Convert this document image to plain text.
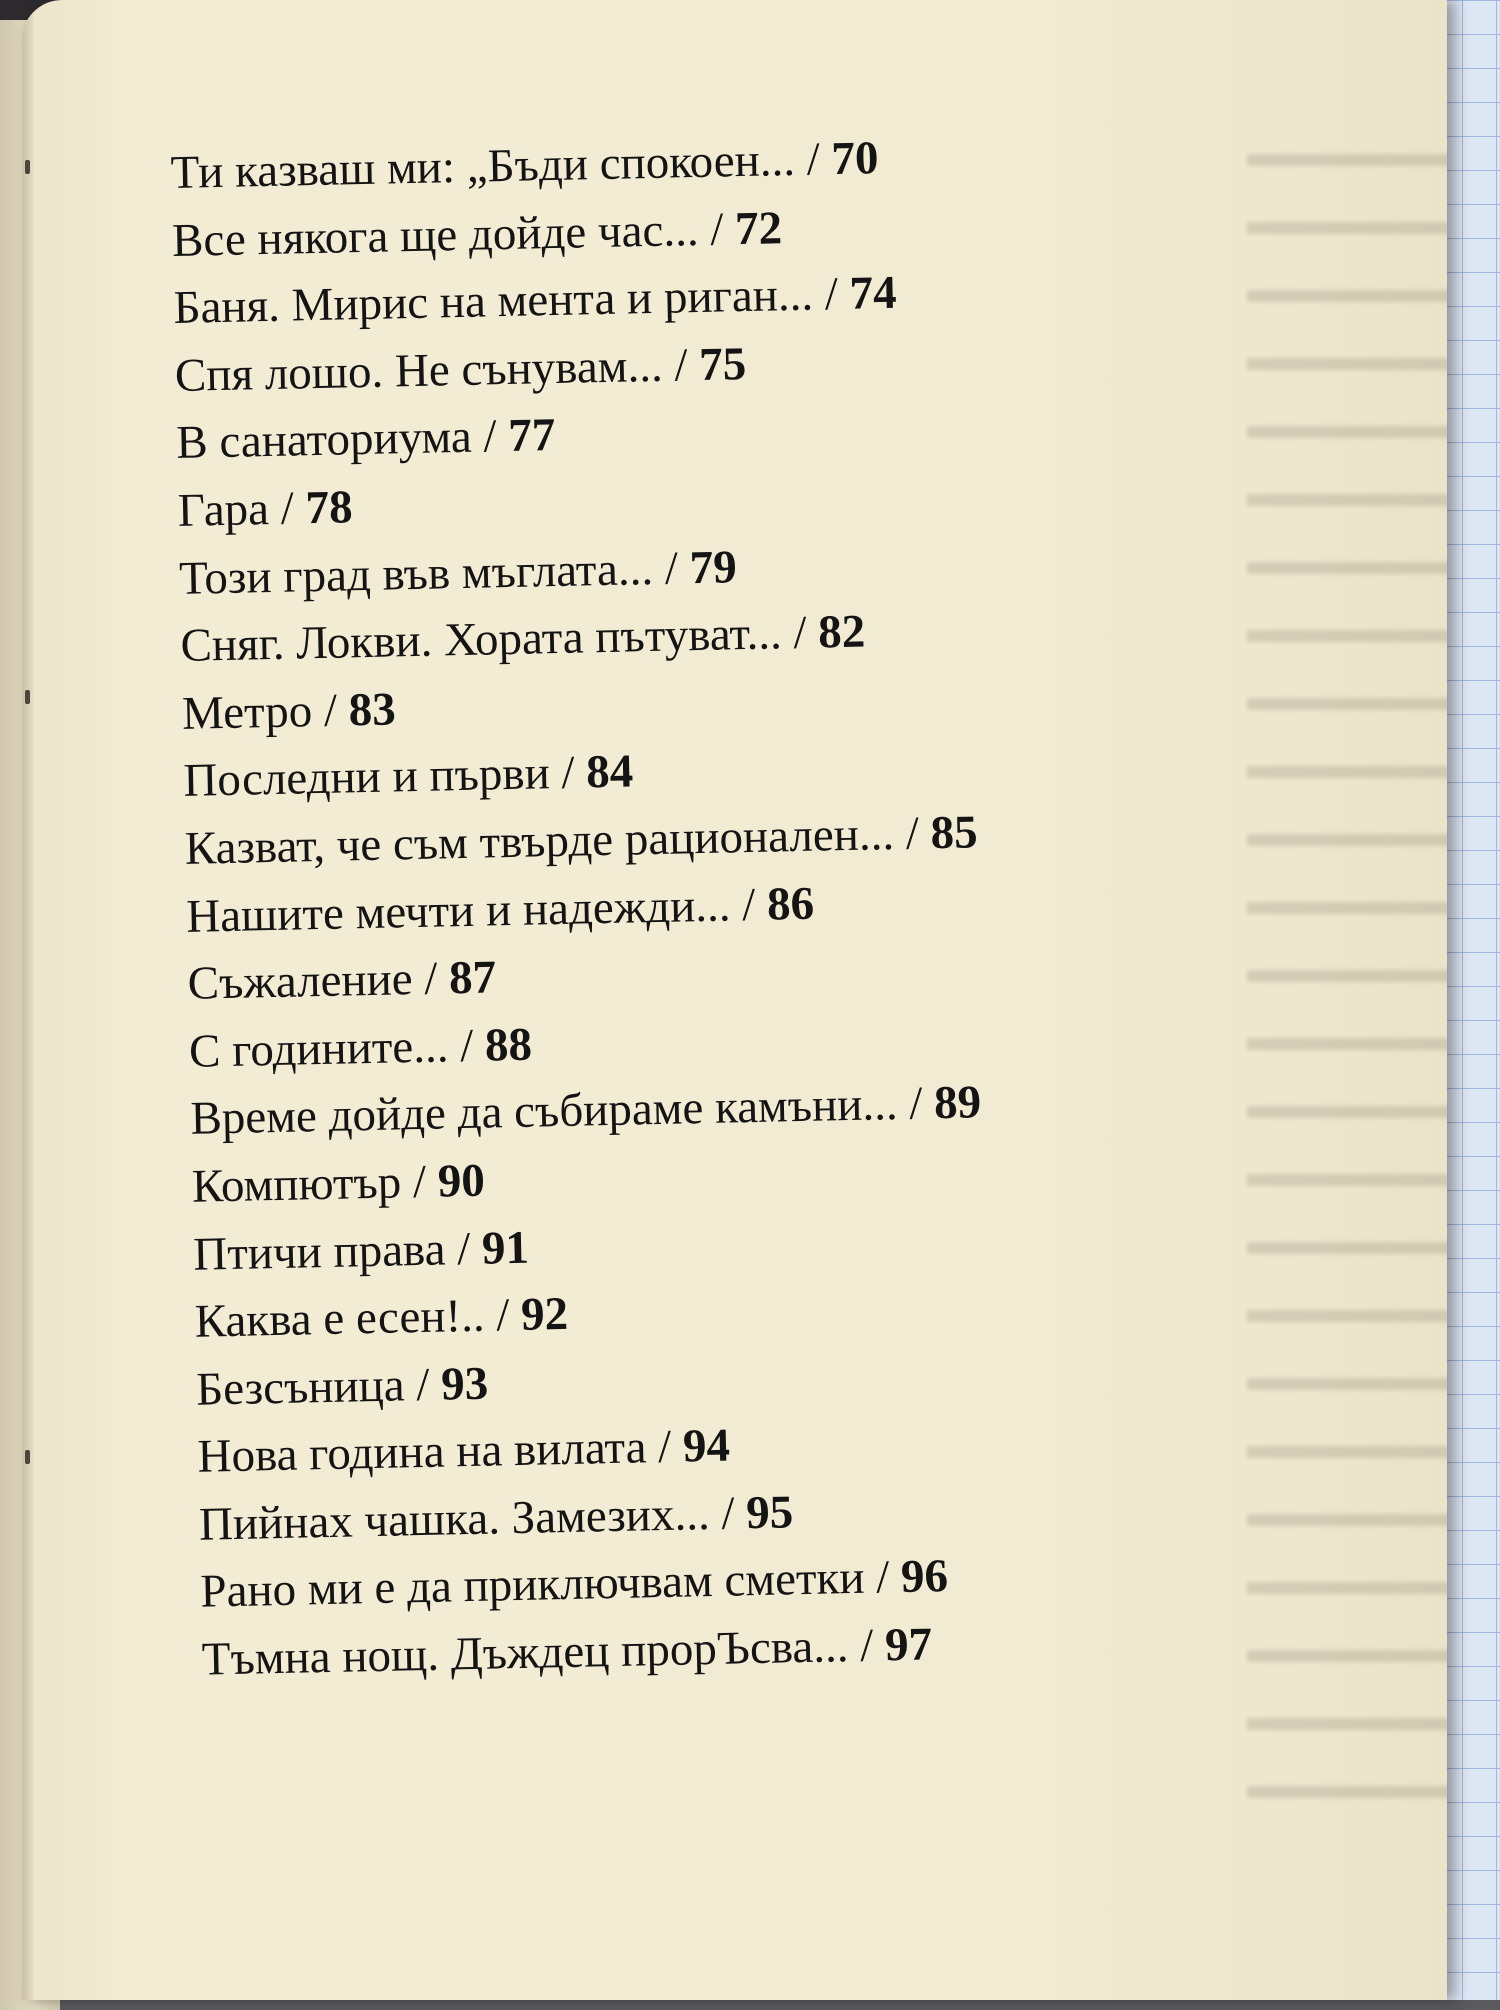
Ти казваш ми: „Бъди спокоен... / 70
Все някога ще дойде час... / 72
Баня. Мирис на мента и риган... / 74
Спя лошо. Не сънувам... / 75
В санаториума / 77
Гара / 78
Този град във мъглата... / 79
Сняг. Локви. Хората пътуват... / 82
Метро / 83
Последни и първи / 84
Казват, че съм твърде рационален... / 85
Нашите мечти и надежди... / 86
Съжаление / 87
С годините... / 88
Време дойде да събираме камъни... / 89
Компютър / 90
Птичи права / 91
Каква е есен!.. / 92
Безсъница / 93
Нова година на вилата / 94
Пийнах чашка. Замезих... / 95
Рано ми е да приключвам сметки / 96
Тъмна нощ. Дъждец прорЪсва... / 97
